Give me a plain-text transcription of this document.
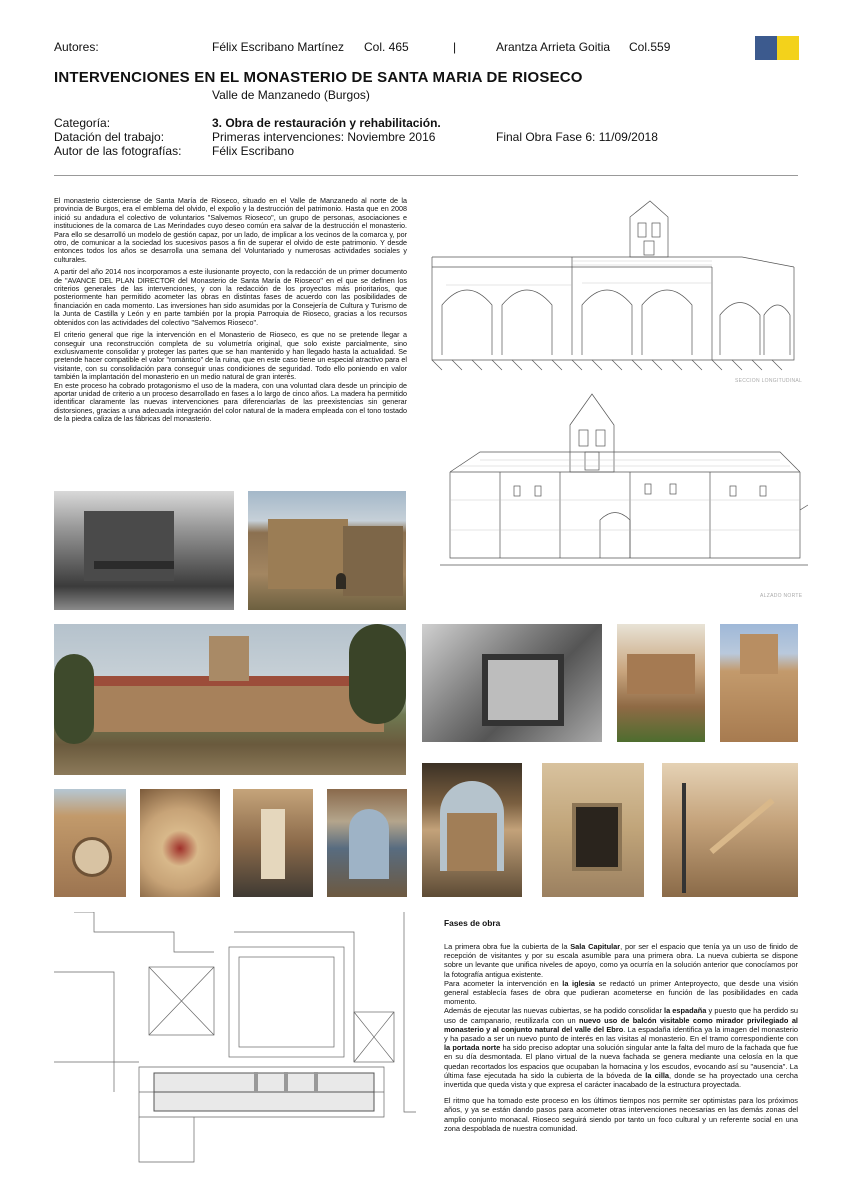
Autores:	Félix Escribano Martínez Col. 465	|	Arantza Arrieta Goitia Col.559
INTERVENCIONES EN EL MONASTERIO DE SANTA MARIA DE RIOSECO
Valle de Manzanedo (Burgos)
Categoría:	3. Obra de restauración y rehabilitación.
Datación del trabajo:	Primeras intervenciones: Noviembre 2016	Final Obra Fase 6: 11/09/2018
Autor de las fotografías:	Félix Escribano

El monasterio cisterciense de Santa María de Rioseco, situado en el Valle de Manzanedo al norte de la provincia de Burgos, era el emblema del olvido, el expolio y la destrucción del patrimonio. Hasta que en 2008 inició su andadura el colectivo de voluntarios "Salvemos Rioseco", un grupo de personas, asociaciones e instituciones de la comarca de Las Merindades cuyo deseo común era salvar de la destrucción el monasterio. Para ello se desarrolló un modelo de gestión capaz, por un lado, de implicar a los vecinos de la comarca y, por otro, de comunicar a la sociedad los sucesivos pasos a fin de superar el olvido de este patrimonio. Y desde entonces todos los años se desarrolla una semana del Voluntariado y numerosas actividades sociales y culturales.

A partir del año 2014 nos incorporamos a este ilusionante proyecto, con la redacción de un primer documento de "AVANCE DEL PLAN DIRECTOR del Monasterio de Santa María de Rioseco" en el que se definen los criterios generales de las intervenciones, y con la redacción de los proyectos más prioritarios, que posteriormente han permitido acometer las obras en distintas fases de acuerdo con las posibilidades de financiación en cada momento. Las inversiones han sido asumidas por la Consejería de Cultura y Turismo de la Junta de Castilla y León y en parte también por la propia Parroquia de Rioseco, gracias a los recursos obtenidos con las actividades del colectivo "Salvemos Rioseco".

El criterio general que rige la intervención en el Monasterio de Rioseco, es que no se pretende llegar a conseguir una reconstrucción completa de su volumetría original, que solo existe parcialmente, sino exclusivamente consolidar y proteger las partes que se han mantenido y han llegado hasta la actualidad. Se pretende hacer compatible el valor "romántico" de la ruina, que en este caso tiene un especial atractivo para el visitante, con su consolidación para conseguir unas condiciones de seguridad. Todo ello poniendo en valor también la implantación del monasterio en un medio natural de gran interés.

En este proceso ha cobrado protagonismo el uso de la madera, con una voluntad clara desde un principio de aportar unidad de criterio a un proceso desarrollado en fases a lo largo de cinco años. La madera ha permitido identificar claramente las nuevas intervenciones para diferenciarlas de las preexistencias sin generar distorsiones, gracias a una adecuada integración del color natural de la madera empleada con el tono tostado de la piedra caliza de las fábricas del monasterio.

SECCION LONGITUDINAL
ALZADO NORTE
Fases de obra

La primera obra fue la cubierta de la Sala Capitular, por ser el espacio que tenía ya un uso de finido de recepción de visitantes y por su escala asumible para una primera obra. La nueva cubierta se dispone sobre un levante que unifica niveles de apoyo, como ya ocurría en la solución anterior que conocíamos por la fotografía antigua existente.

Para acometer la intervención en la iglesia se redactó un primer Anteproyecto, que desde una visión general establecía fases de obra que pudieran acometerse en función de las posibilidades en cada momento.

Además de ejecutar las nuevas cubiertas, se ha podido consolidar la espadaña y puesto que ha perdido su uso de campanario, reutilizarla con un nuevo uso de balcón visitable como mirador privilegiado al monasterio y al conjunto natural del valle del Ebro. La espadaña identifica ya la imagen del monasterio y ha pasado a ser un nuevo punto de interés en las visitas al monasterio. En el tramo correspondiente con la portada norte ha sido preciso adoptar una solución singular ante la falta del muro de la fachada que fue en su día desmontada. El plano virtual de la nueva fachada se genera mediante una celosía en la que quedan recortados los espacios que ocupaban la hornacina y los escudos, evocando así su "ausencia". La última fase ejecutada ha sido la cubierta de la bóveda de la cilla, donde se ha proyectado una cercha invertida que queda vista y que expresa el carácter inacabado de la estructura proyectada.

El ritmo que ha tomado este proceso en los últimos tiempos nos permite ser optimistas para los próximos años, y ya se están dando pasos para acometer otras intervenciones necesarias en las demás zonas del amplio conjunto monacal. Rioseco seguirá siendo por tanto un foco cultural y un referente social en una zona despoblada de nuestra comunidad.
